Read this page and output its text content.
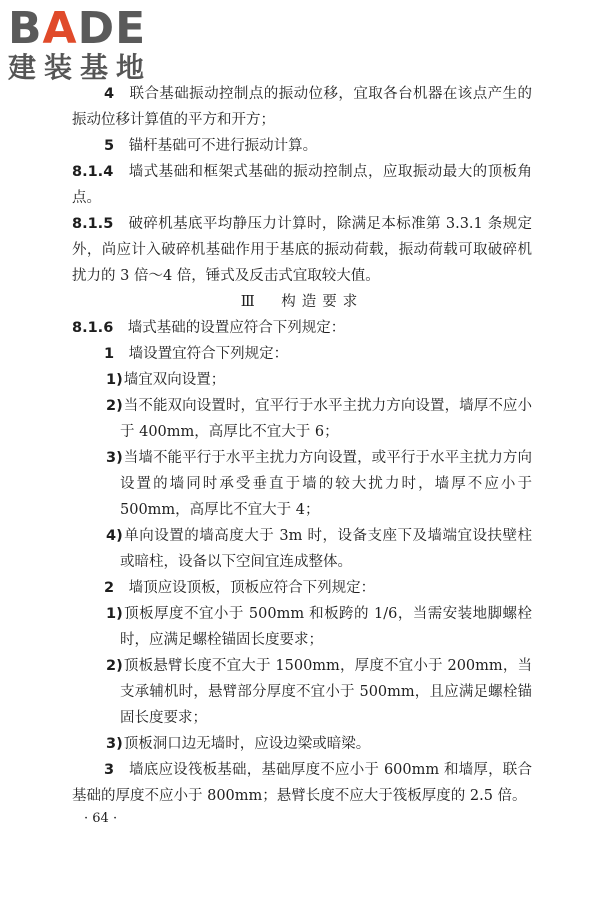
BADE
建装基地

4　 联合基础振动控制点的振动位移，宜取各台机器在该点产生的振动位移计算值的平方和开方；

5　 锚杆基础可不进行振动计算。

8.1.4　 墙式基础和框架式基础的振动控制点，应取振动最大的顶板角点。

8.1.5　 破碎机基底平均静压力计算时，除满足本标准第 3.3.1 条规定外，尚应计入破碎机基础作用于基底的振动荷载，振动荷载可取破碎机扰力的 3 倍～4 倍，锤式及反击式宜取较大值。

Ⅲ　构造要求

8.1.6　 墙式基础的设置应符合下列规定：

1　 墙设置宜符合下列规定：

1)墙宜双向设置；

2)当不能双向设置时，宜平行于水平主扰力方向设置，墙厚不应小于 400mm，高厚比不宜大于 6；

3)当墙不能平行于水平主扰力方向设置，或平行于水平主扰力方向设置的墙同时承受垂直于墙的较大扰力时，墙厚不应小于 500mm，高厚比不宜大于 4；

4)单向设置的墙高度大于 3m 时，设备支座下及墙端宜设扶壁柱或暗柱，设备以下空间宜连成整体。

2　 墙顶应设顶板，顶板应符合下列规定：

1)顶板厚度不宜小于 500mm 和板跨的 1/6，当需安装地脚螺栓时，应满足螺栓锚固长度要求；

2)顶板悬臂长度不宜大于 1500mm，厚度不宜小于 200mm，当支承辅机时，悬臂部分厚度不宜小于 500mm，且应满足螺栓锚固长度要求；

3)顶板洞口边无墙时，应设边梁或暗梁。

3　 墙底应设筏板基础，基础厚度不应小于 600mm 和墙厚，联合基础的厚度不应小于 800mm；悬臂长度不应大于筏板厚度的 2.5 倍。

· 64 ·
